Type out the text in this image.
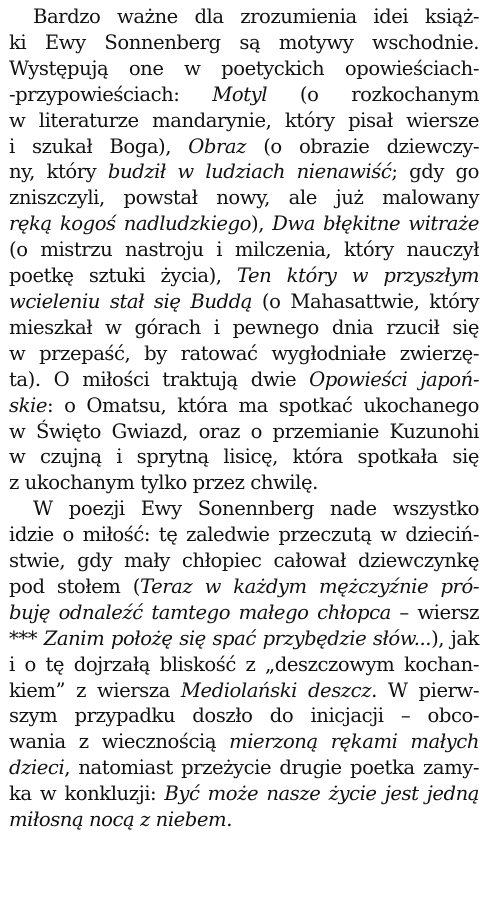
Bardzo ważne dla zrozumienia idei książ-
ki Ewy Sonnenberg są motywy wschodnie.
Występują one w poetyckich opowieściach-
-przypowieściach: Motyl (o rozkochanym
w literaturze mandarynie, który pisał wiersze
i szukał Boga), Obraz (o obrazie dziewczy-
ny, który budził w ludziach nienawiść; gdy go
zniszczyli, powstał nowy, ale już malowany
ręką kogoś nadludzkiego), Dwa błękitne witraże
(o mistrzu nastroju i milczenia, który nauczył
poetkę sztuki życia), Ten który w przyszłym
wcieleniu stał się Buddą (o Mahasattwie, który
mieszkał w górach i pewnego dnia rzucił się
w przepaść, by ratować wygłodniałe zwierzę-
ta). O miłości traktują dwie Opowieści japoń-
skie: o Omatsu, która ma spotkać ukochanego
w Święto Gwiazd, oraz o przemianie Kuzunohi
w czujną i sprytną lisicę, która spotkała się
z ukochanym tylko przez chwilę.
W poezji Ewy Sonennberg nade wszystko
idzie o miłość: tę zaledwie przeczutą w dzieciń-
stwie, gdy mały chłopiec całował dziewczynkę
pod stołem (Teraz w każdym mężczyźnie pró-
buję odnaleźć tamtego małego chłopca – wiersz
*** Zanim położę się spać przybędzie słów...), jak
i o tę dojrzałą bliskość z „deszczowym kochan-
kiem” z wiersza Mediolański deszcz. W pierw-
szym przypadku doszło do inicjacji – obco-
wania z wiecznością mierzoną rękami małych
dzieci, natomiast przeżycie drugie poetka zamy-
ka w konkluzji: Być może nasze życie jest jedną
miłosną nocą z niebem.
